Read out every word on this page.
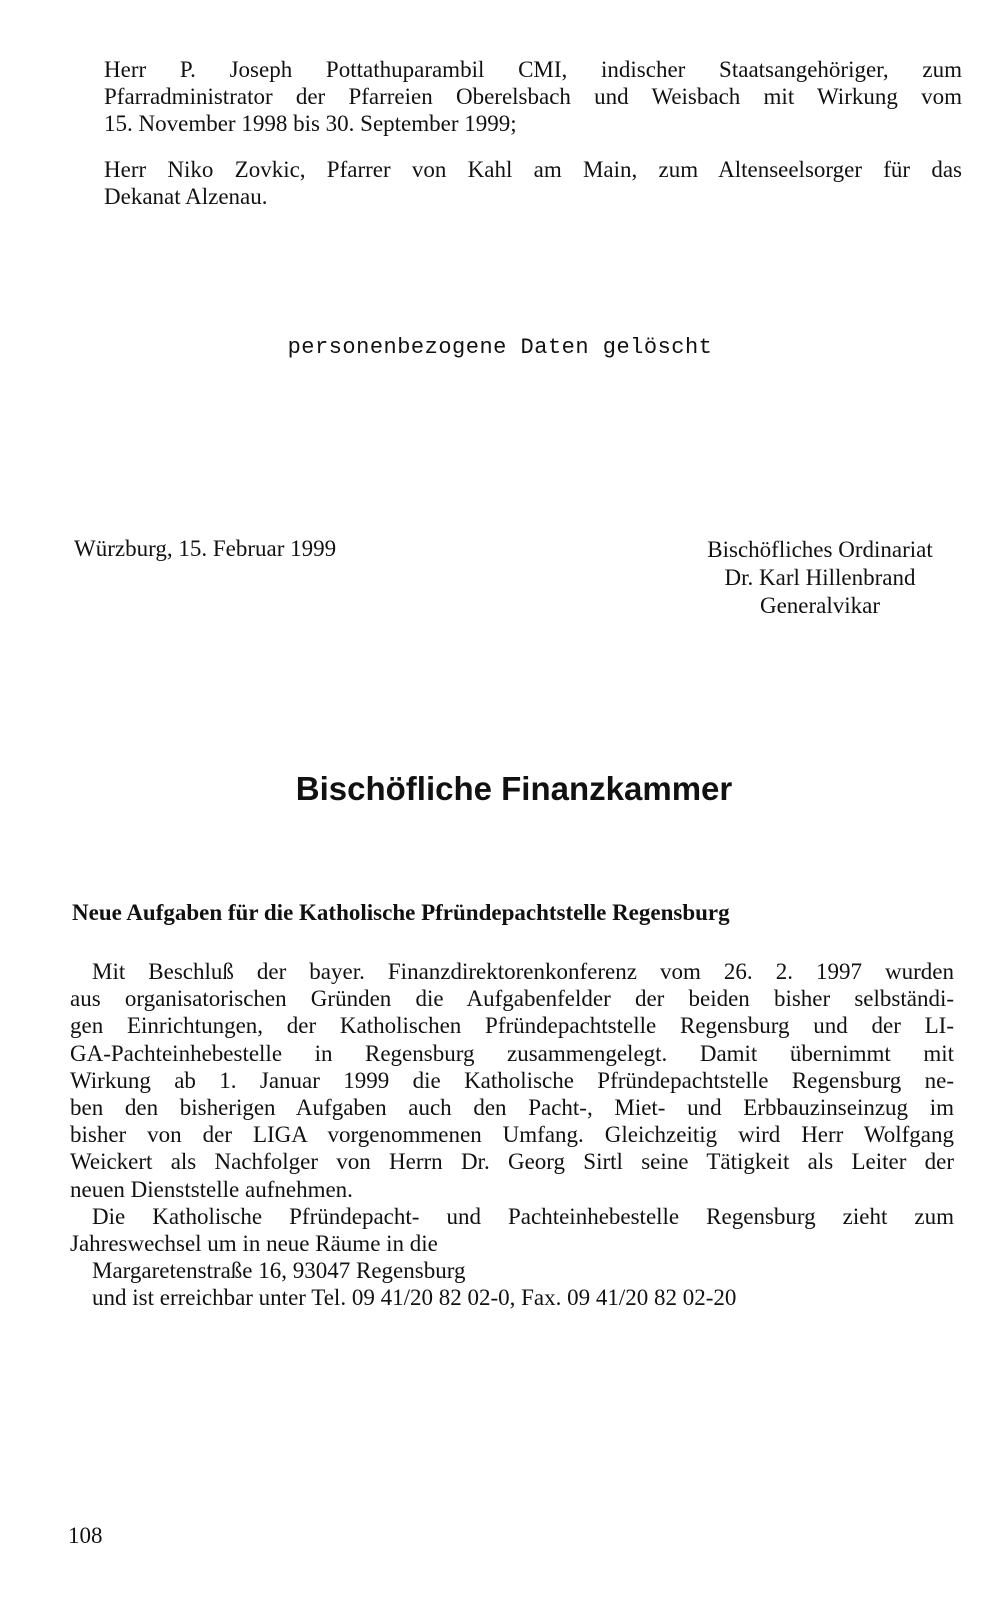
Herr P. Joseph Pottathuparambil CMI, indischer Staatsangehöriger, zum
Pfarradministrator der Pfarreien Oberelsbach und Weisbach mit Wirkung vom
15. November 1998 bis 30. September 1999;
Herr Niko Zovkic, Pfarrer von Kahl am Main, zum Altenseelsorger für das
Dekanat Alzenau.

personenbezogene Daten gelöscht

Würzburg, 15. Februar 1999	Bischöfliches Ordinariat
Dr. Karl Hillenbrand
Generalvikar
Bischöfliche Finanzkammer
Neue Aufgaben für die Katholische Pfründepachtstelle Regensburg
Mit Beschluß der bayer. Finanzdirektorenkonferenz vom 26. 2. 1997 wurden
aus organisatorischen Gründen die Aufgabenfelder der beiden bisher selbständi-
gen Einrichtungen, der Katholischen Pfründepachtstelle Regensburg und der LI-
GA-Pachteinhebestelle in Regensburg zusammengelegt. Damit übernimmt mit
Wirkung ab 1. Januar 1999 die Katholische Pfründepachtstelle Regensburg ne-
ben den bisherigen Aufgaben auch den Pacht-, Miet- und Erbbauzinseinzug im
bisher von der LIGA vorgenommenen Umfang. Gleichzeitig wird Herr Wolfgang
Weickert als Nachfolger von Herrn Dr. Georg Sirtl seine Tätigkeit als Leiter der
neuen Dienststelle aufnehmen.
Die Katholische Pfründepacht- und Pachteinhebestelle Regensburg zieht zum
Jahreswechsel um in neue Räume in die
Margaretenstraße 16, 93047 Regensburg
und ist erreichbar unter Tel. 09 41/20 82 02-0, Fax. 09 41/20 82 02-20

108
